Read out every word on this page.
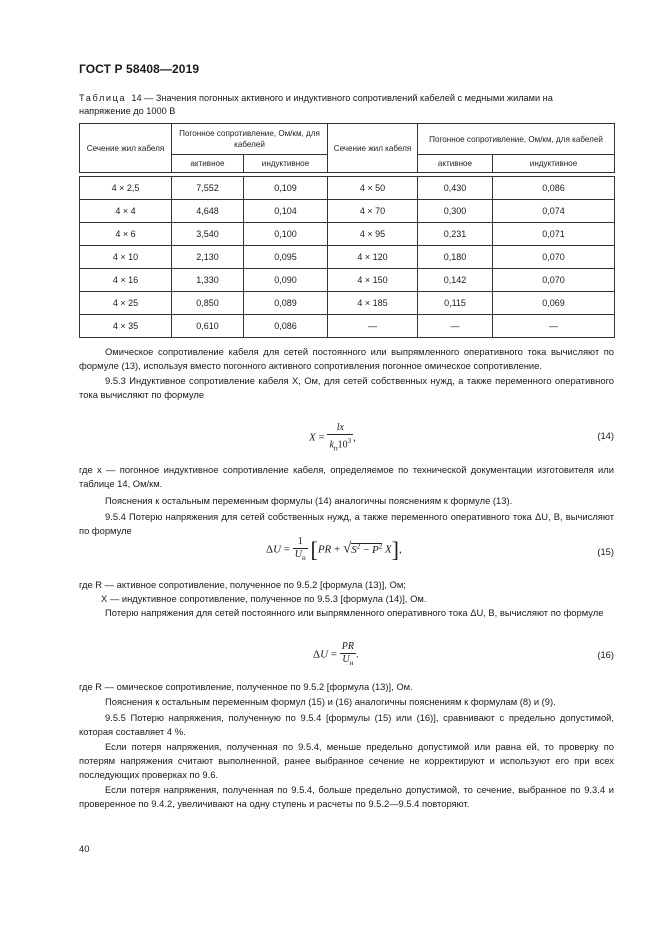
ГОСТ Р 58408—2019
Таблица 14 — Значения погонных активного и индуктивного сопротивлений кабелей с медными жилами на напряжение до 1000 В
Сечение жил кабеля	Погонное сопротивление, Ом/км, для кабелей		Сечение жил кабеля	Погонное сопротивление, Ом/км, для кабелей	
	активное	индуктивное		активное	индуктивное

4 × 2,5	7,552	0,109	4 × 50	0,430	0,086
4 × 4	4,648	0,104	4 × 70	0,300	0,074
4 × 6	3,540	0,100	4 × 95	0,231	0,071
4 × 10	2,130	0,095	4 × 120	0,180	0,070
4 × 16	1,330	0,090	4 × 150	0,142	0,070
4 × 25	0,850	0,089	4 × 185	0,115	0,069
4 × 35	0,610	0,086	—	—	—

Омическое сопротивление кабеля для сетей постоянного или выпрямленного оперативного тока вычисляют по формуле (13), используя вместо погонного активного сопротивления погонное омическое сопротивление.

9.5.3 Индуктивное сопротивление кабеля X, Ом, для сетей собственных нужд, а также переменного оперативного тока вычисляют по формуле

$X = \frac{lx}{k_п10^3}$ ,	(14)

где x — погонное индуктивное сопротивление кабеля, определяемое по технической документации изготовителя или таблице 14, Ом/км.

Пояснения к остальным переменным формулы (14) аналогичны пояснениям к формуле (13).

9.5.4 Потерю напряжения для сетей собственных нужд, а также переменного оперативного тока ΔU, В, вычисляют по формуле

$\Delta U = \frac{1}{U_н} [PR + √S^2 - P^2$ X],	(15)

где R — активное сопротивление, полученное по 9.5.2 [формула (13)], Ом;

X — индуктивное сопротивление, полученное по 9.5.3 [формула (14)], Ом.

Потерю напряжения для сетей постоянного или выпрямленного оперативного тока ΔU, В, вычисляют по формуле

$\Delta U = \frac{PR}{U_н}$ .	(16)

где R — омическое сопротивление, полученное по 9.5.2 [формула (13)], Ом.

Пояснения к остальным переменным формул (15) и (16) аналогичны пояснениям к формулам (8) и (9).

9.5.5 Потерю напряжения, полученную по 9.5.4 [формулы (15) или (16)], сравнивают с предельно допустимой, которая составляет 4 %.

Если потеря напряжения, полученная по 9.5.4, меньше предельно допустимой или равна ей, то проверку по потерям напряжения считают выполненной, ранее выбранное сечение не корректируют и используют его при всех последующих проверках по 9.6.

Если потеря напряжения, полученная по 9.5.4, больше предельно допустимой, то сечение, выбранное по 9.3.4 и проверенное по 9.4.2, увеличивают на одну ступень и расчеты по 9.5.2—9.5.4 повторяют.

40
